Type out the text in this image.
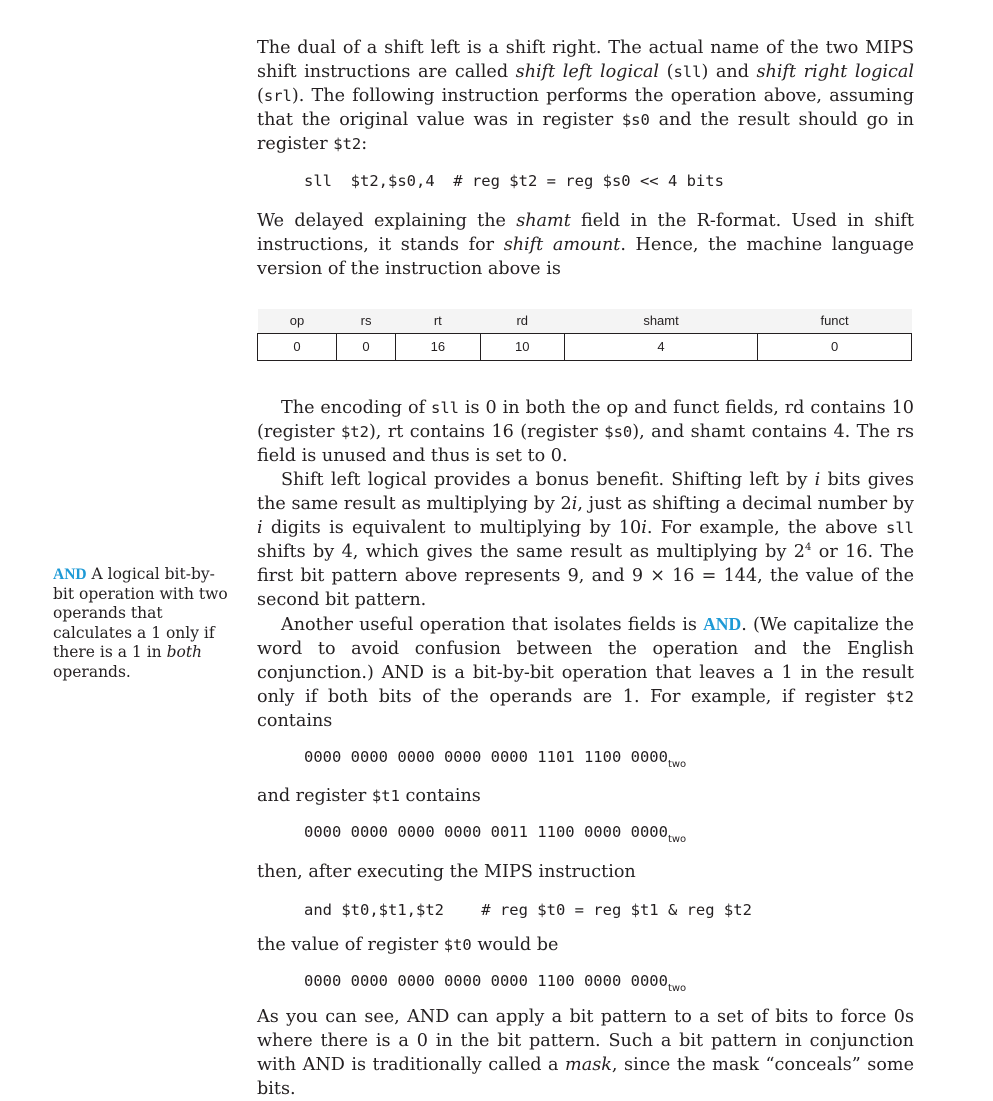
AND A logical bit-by-bit operation with two operands that calculates a 1 only if there is a 1 in both operands.

The dual of a shift left is a shift right. The actual name of the two MIPS shift instructions are called shift left logical (sll) and shift right logical (srl). The following instruction performs the operation above, assuming that the original value was in register $s0 and the result should go in register $t2:

sll  $t2,$s0,4  # reg $t2 = reg $s0 << 4 bits

We delayed explaining the shamt field in the R-format. Used in shift instructions, it stands for shift amount. Hence, the machine language version of the instruction above is

op	rs	rt	rd	shamt	funct
0	0	16	10	4	0

The encoding of sll is 0 in both the op and funct fields, rd contains 10 (register $t2), rt contains 16 (register $s0), and shamt contains 4. The rs field is unused and thus is set to 0.

Shift left logical provides a bonus benefit. Shifting left by i bits gives the same result as multiplying by 2i, just as shifting a decimal number by i digits is equivalent to multiplying by 10i. For example, the above sll shifts by 4, which gives the same result as multiplying by $2^4$ or 16. The first bit pattern above represents 9, and 9 × 16 = 144, the value of the second bit pattern.

Another useful operation that isolates fields is AND. (We capitalize the word to avoid confusion between the operation and the English conjunction.) AND is a bit-by-bit operation that leaves a 1 in the result only if both bits of the operands are 1. For example, if register $t2 contains

0000 0000 0000 0000 0000 1101 1100 $0000_{two}$

and register $t1 contains

0000 0000 0000 0000 0011 1100 0000 $0000_{two}$

then, after executing the MIPS instruction

and $t0,$t1,$t2    # reg $t0 = reg $t1 & reg $t2

the value of register $t0 would be

0000 0000 0000 0000 0000 1100 0000 $0000_{two}$

As you can see, AND can apply a bit pattern to a set of bits to force 0s where there is a 0 in the bit pattern. Such a bit pattern in conjunction with AND is traditionally called a mask, since the mask “conceals” some bits.
